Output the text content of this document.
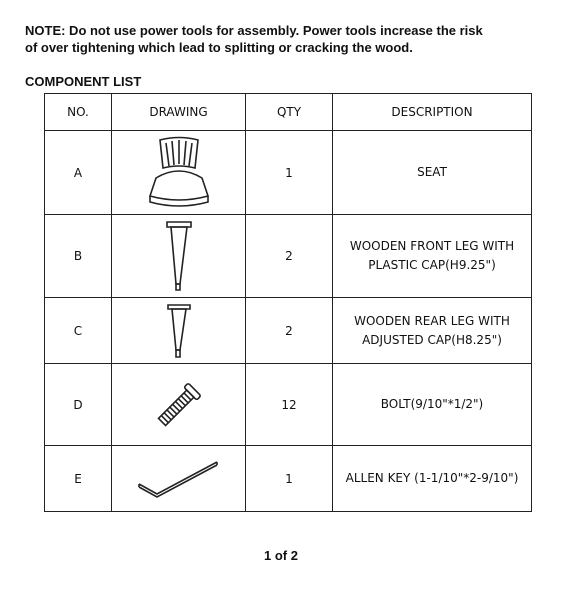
NOTE: Do not use power tools for assembly. Power tools increase the risk of over tightening which lead to splitting or cracking the wood.
COMPONENT LIST
NO.	DRAWING	QTY	DESCRIPTION
A		1	SEAT
B		2	WOODEN FRONT LEG WITH PLASTIC CAP(H9.25")
C		2	WOODEN REAR LEG WITH ADJUSTED CAP(H8.25")
D		12	BOLT(9/10"*1/2")
E		1	ALLEN KEY (1-1/10"*2-9/10")
1 of 2
